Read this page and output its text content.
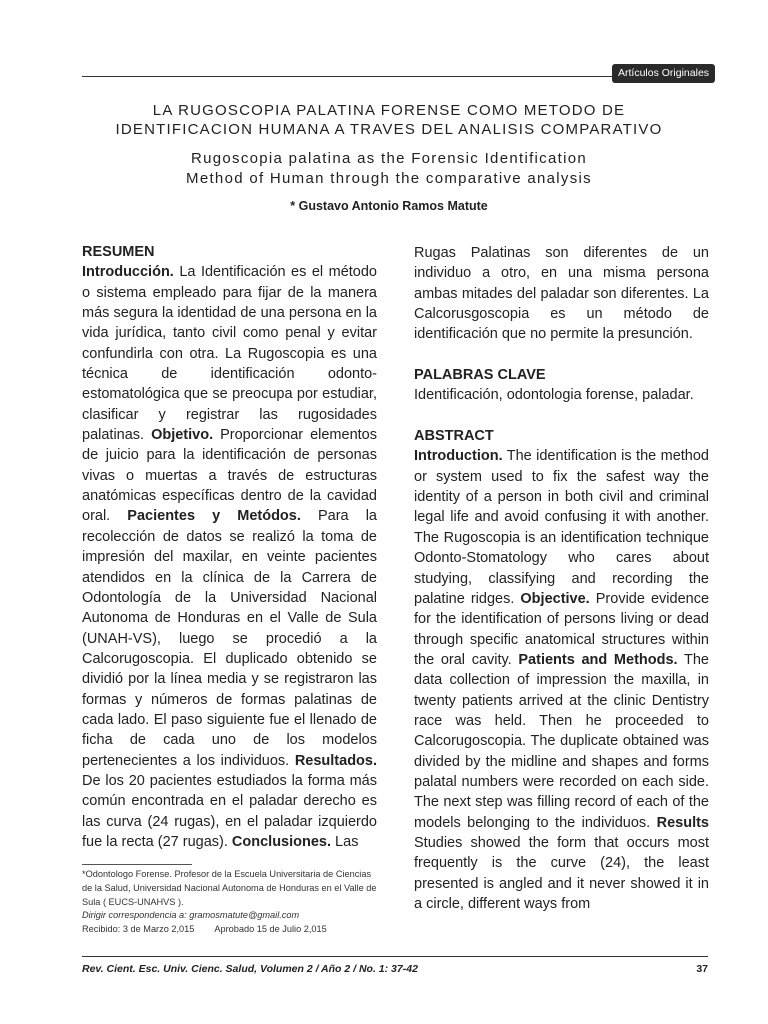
Artículos Originales
LA RUGOSCOPIA PALATINA FORENSE COMO METODO DE
IDENTIFICACION HUMANA A TRAVES DEL ANALISIS COMPARATIVO
Rugoscopia palatina as the Forensic Identification
Method of Human through the comparative analysis
* Gustavo Antonio Ramos Matute

RESUMEN

Introducción. La Identificación es el método o sistema empleado para fijar de la manera más segura la identidad de una persona en la vida jurídica, tanto civil como penal y evitar confundirla con otra. La Rugoscopia es una técnica de identificación odonto-estomatológica que se preocupa por estudiar, clasificar y registrar las rugosidades palatinas. Objetivo. Proporcionar elementos de juicio para la identificación de personas vivas o muertas a través de estructuras anatómicas específicas dentro de la cavidad oral. Pacientes y Metódos. Para la recolección de datos se realizó la toma de impresión del maxilar, en veinte pacientes atendidos en la clínica de la Carrera de Odontología de la Universidad Nacional Autonoma de Honduras en el Valle de Sula (UNAH-VS), luego se procedió a la Calcorugoscopia. El duplicado obtenido se dividió por la línea media y se registraron las formas y números de formas palatinas de cada lado. El paso siguiente fue el llenado de ficha de cada uno de los modelos pertenecientes a los individuos. Resultados. De los 20 pacientes estudiados la forma más común encontrada en el paladar derecho es las curva (24 rugas), en el paladar izquierdo fue la recta (27 rugas). Conclusiones. Las

Rugas Palatinas son diferentes de un individuo a otro, en una misma persona ambas mitades del paladar son diferentes. La Calcorusgoscopia es un método de identificación que no permite la presunción.

PALABRAS CLAVE

Identificación, odontologia forense, paladar.

ABSTRACT

Introduction. The identification is the method or system used to fix the safest way the identity of a person in both civil and criminal legal life and avoid confusing it with another. The Rugoscopia is an identification technique Odonto-Stomatology who cares about studying, classifying and recording the palatine ridges. Objective. Provide evidence for the identification of persons living or dead through specific anatomical structures within the oral cavity. Patients and Methods. The data collection of impression the maxilla, in twenty patients arrived at the clinic Dentistry race was held. Then he proceeded to Calcorugoscopia. The duplicate obtained was divided by the midline and shapes and forms palatal numbers were recorded on each side. The next step was filling record of each of the models belonging to the individuos. Results Studies showed the form that occurs most frequently is the curve (24), the least presented is angled and it never showed it in a circle, different ways from

*Odontologo Forense. Profesor de la Escuela Universitaria de Ciencias de la Salud, Universidad Nacional Autonoma de Honduras en el Valle de Sula ( EUCS-UNAHVS ).

Dirigir correspondencia a: gramosmatute@gmail.com

Recibido: 3 de Marzo 2,015 Aprobado 15 de Julio 2,015

Rev. Cient. Esc. Univ. Cienc. Salud, Volumen 2 / Año 2 / No. 1: 37-42	37
